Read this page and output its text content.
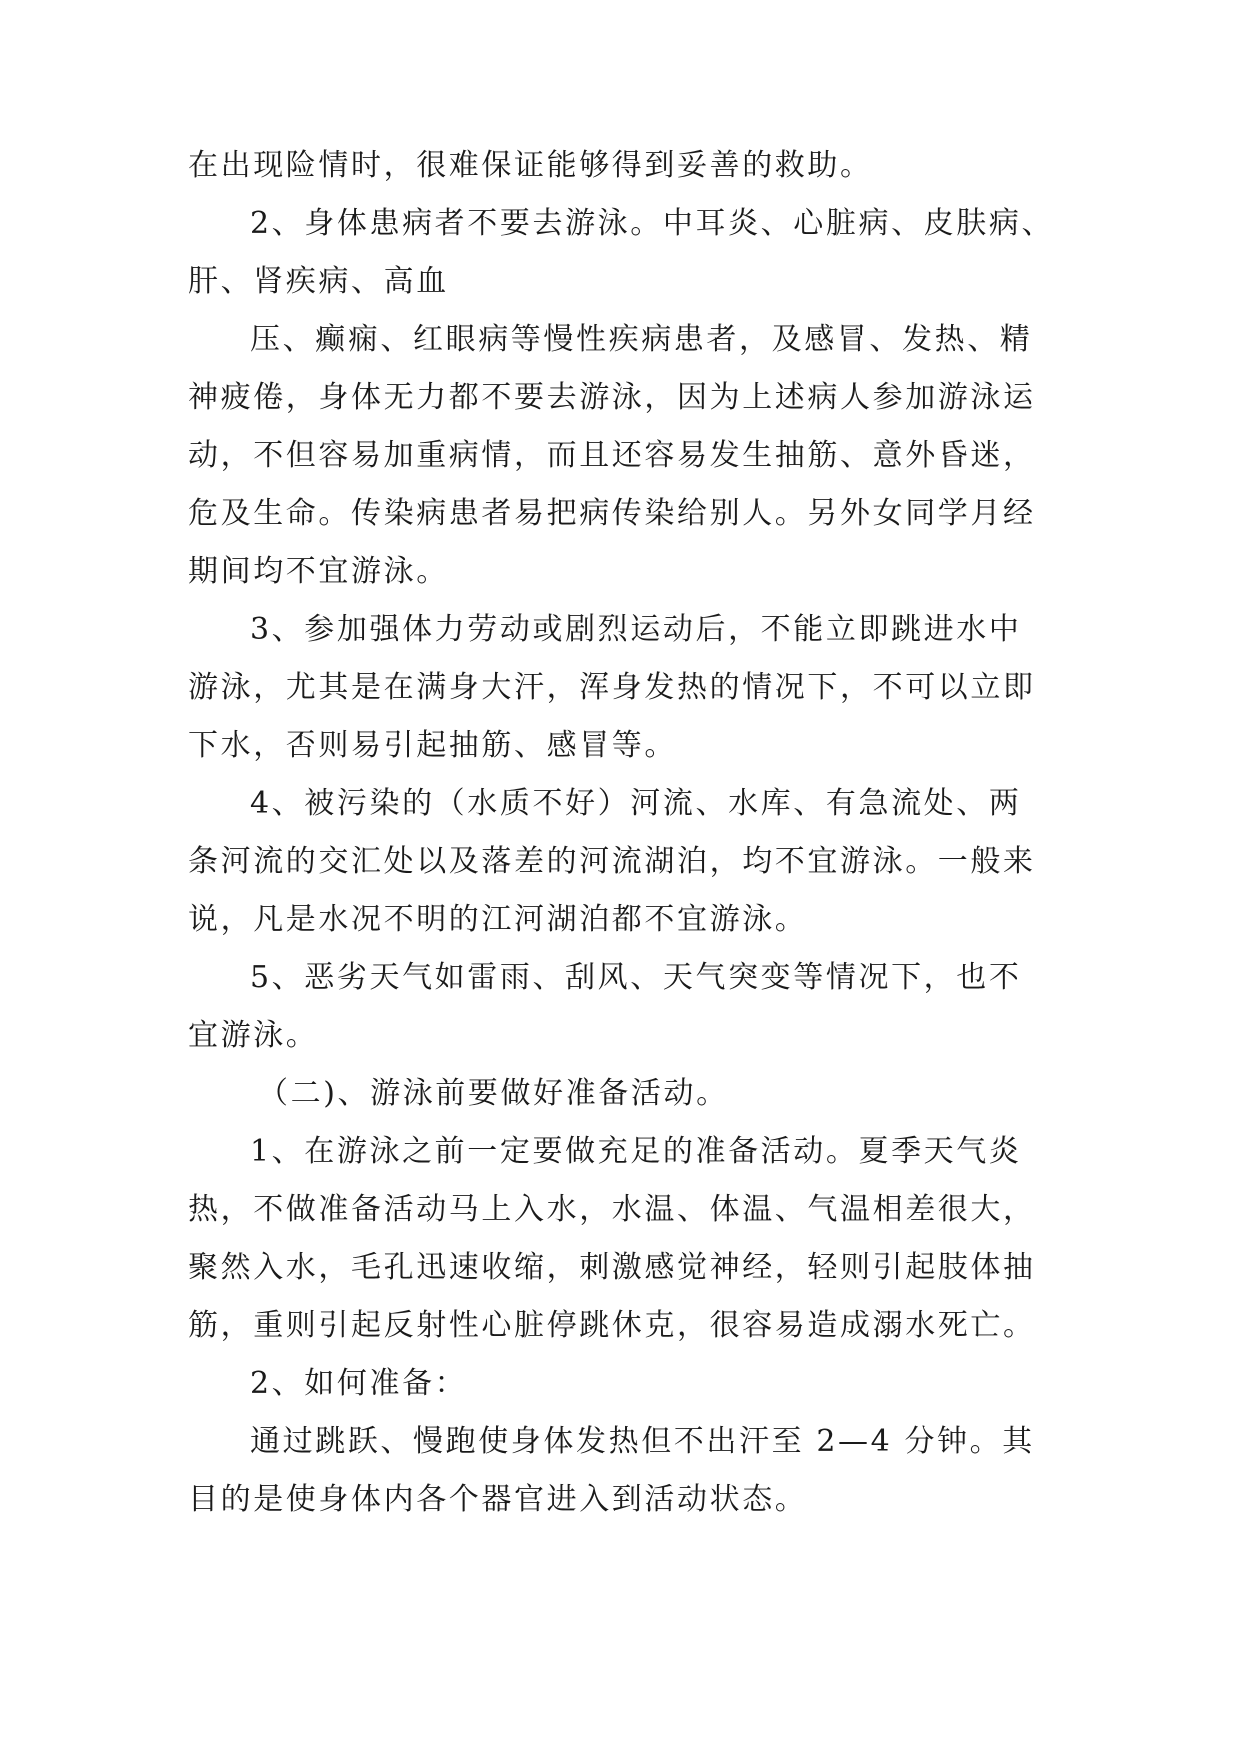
在出现险情时，很难保证能够得到妥善的救助。

2、身体患病者不要去游泳。中耳炎、心脏病、皮肤病、

肝、肾疾病、高血

压、癫痫、红眼病等慢性疾病患者，及感冒、发热、精

神疲倦，身体无力都不要去游泳，因为上述病人参加游泳运

动，不但容易加重病情，而且还容易发生抽筋、意外昏迷，

危及生命。传染病患者易把病传染给别人。另外女同学月经

期间均不宜游泳。

3、参加强体力劳动或剧烈运动后，不能立即跳进水中

游泳，尤其是在满身大汗，浑身发热的情况下，不可以立即

下水，否则易引起抽筋、感冒等。

4、被污染的（水质不好）河流、水库、有急流处、两

条河流的交汇处以及落差的河流湖泊，均不宜游泳。一般来

说，凡是水况不明的江河湖泊都不宜游泳。

5、恶劣天气如雷雨、刮风、天气突变等情况下，也不

宜游泳。

（二)、游泳前要做好准备活动。

1、在游泳之前一定要做充足的准备活动。夏季天气炎

热，不做准备活动马上入水，水温、体温、气温相差很大，

聚然入水，毛孔迅速收缩，刺激感觉神经，轻则引起肢体抽

筋，重则引起反射性心脏停跳休克，很容易造成溺水死亡。

2、如何准备：

通过跳跃、慢跑使身体发热但不出汗至 2—4 分钟。其

目的是使身体内各个器官进入到活动状态。
